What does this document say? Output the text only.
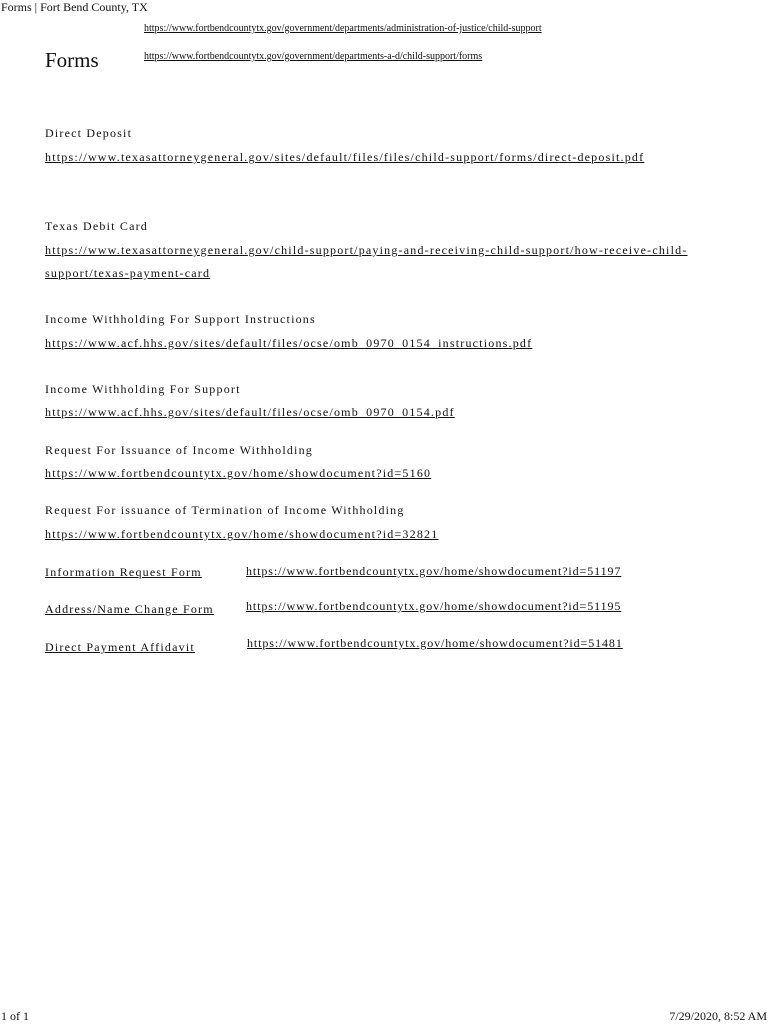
Forms | Fort Bend County, TX
https://www.fortbendcountytx.gov/government/departments/administration-of-justice/child-support
https://www.fortbendcountytx.gov/government/departments-a-d/child-support/forms
Forms
Direct Deposit
https://www.texasattorneygeneral.gov/sites/default/files/files/child-support/forms/direct-deposit.pdf
Texas Debit Card
https://www.texasattorneygeneral.gov/child-support/paying-and-receiving-child-support/how-receive-child-support/texas-payment-card
Income Withholding For Support Instructions
https://www.acf.hhs.gov/sites/default/files/ocse/omb_0970_0154_instructions.pdf
Income Withholding For Support
https://www.acf.hhs.gov/sites/default/files/ocse/omb_0970_0154.pdf
Request For Issuance of Income Withholding
https://www.fortbendcountytx.gov/home/showdocument?id=5160
Request For issuance of Termination of Income Withholding
https://www.fortbendcountytx.gov/home/showdocument?id=32821
Information Request Form	https://www.fortbendcountytx.gov/home/showdocument?id=51197
Address/Name Change Form	https://www.fortbendcountytx.gov/home/showdocument?id=51195
Direct Payment Affidavit	https://www.fortbendcountytx.gov/home/showdocument?id=51481
1 of 1	7/29/2020, 8:52 AM
